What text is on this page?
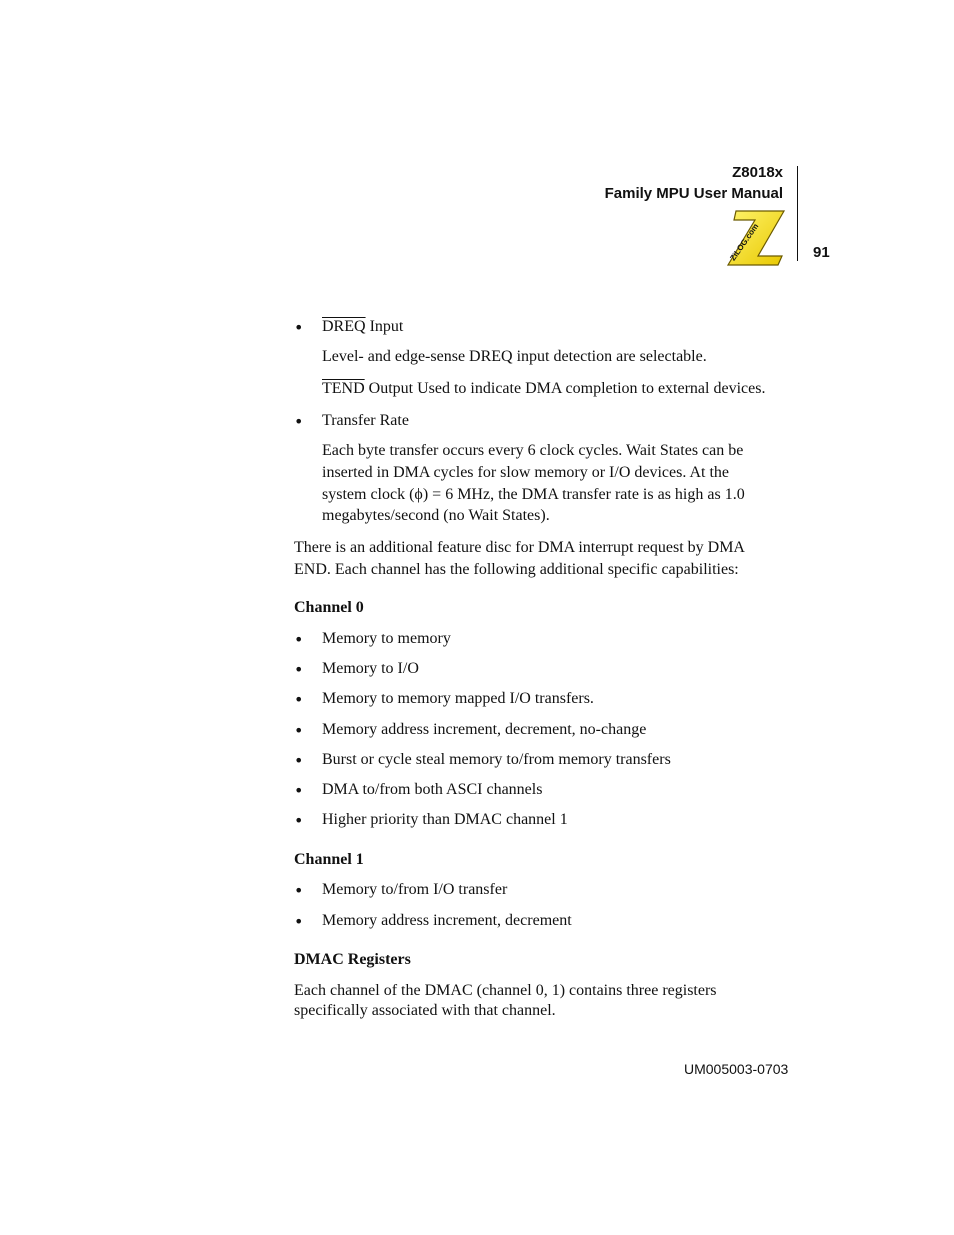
Z8018x
Family MPU User Manual
91
ZiLOG.com
•
•
•
•
•
•
•
•
•
•
•
DREQ Input
Level- and edge-sense DREQ input detection are selectable.
TEND Output Used to indicate DMA completion to external devices.
Transfer Rate
Each byte transfer occurs every 6 clock cycles. Wait States can be
inserted in DMA cycles for slow memory or I/O devices. At the
system clock (ϕ) = 6 MHz, the DMA transfer rate is as high as 1.0
megabytes/second (no Wait States).
There is an additional feature disc for DMA interrupt request by DMA
END. Each channel has the following additional specific capabilities:
Channel 0
Memory to memory
Memory to I/O
Memory to memory mapped I/O transfers.
Memory address increment, decrement, no-change
Burst or cycle steal memory to/from memory transfers
DMA to/from both ASCI channels
Higher priority than DMAC channel 1
Channel 1
Memory to/from I/O transfer
Memory address increment, decrement
DMAC Registers
Each channel of the DMAC (channel 0, 1) contains three registers
specifically associated with that channel.
UM005003-0703
